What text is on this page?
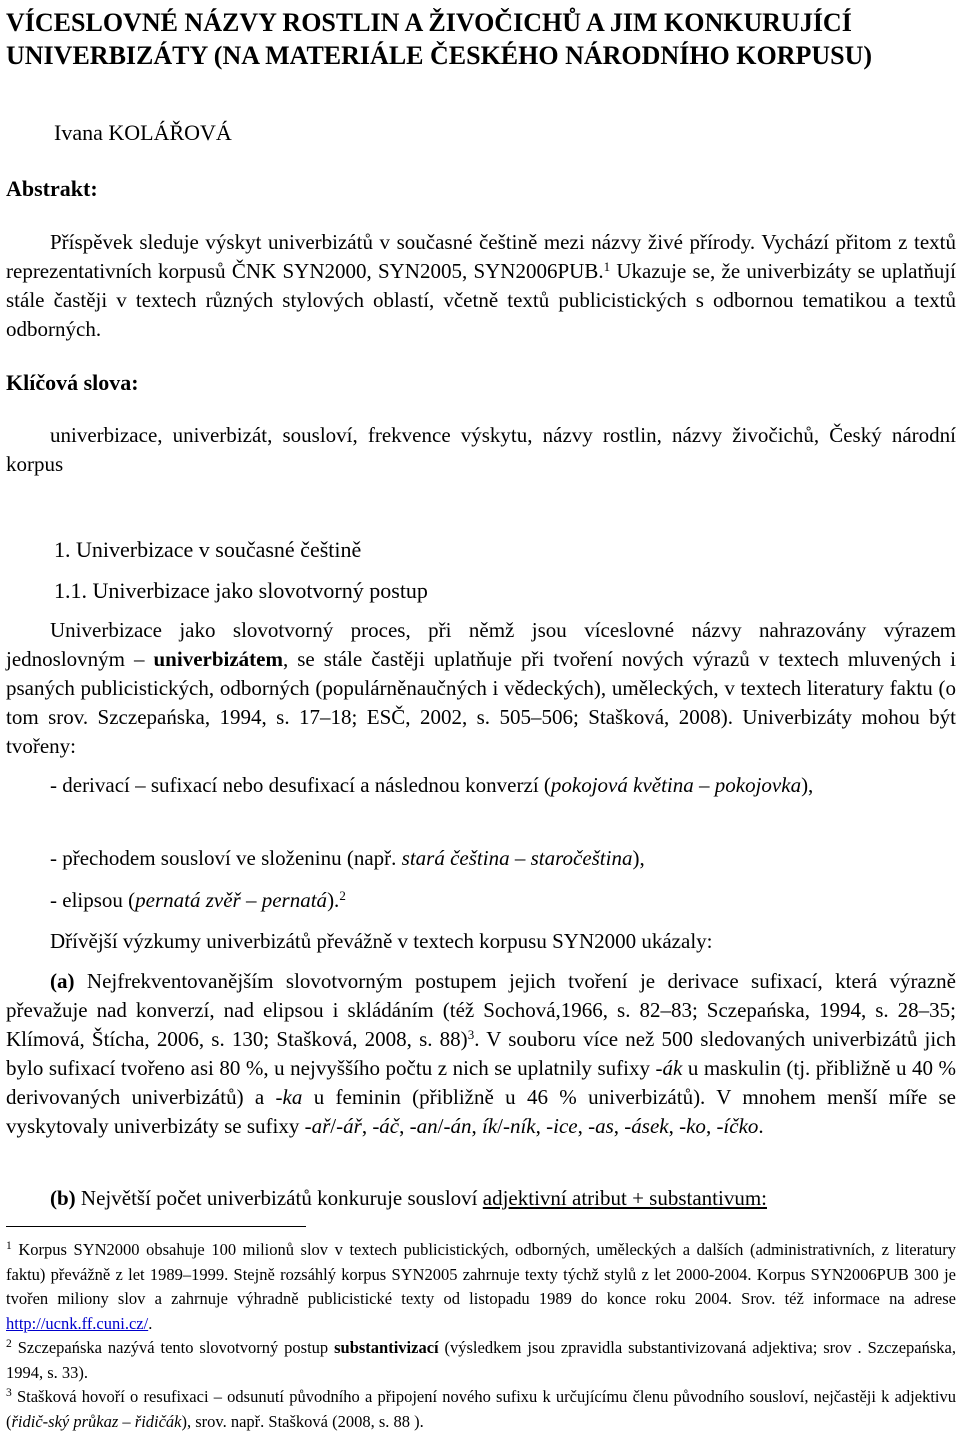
VÍCESLOVNÉ NÁZVY ROSTLIN A ŽIVOČICHŮ A JIM KONKURUJÍCÍ UNIVERBIZÁTY (NA MATERIÁLE ČESKÉHO NÁRODNÍHO KORPUSU)
Ivana KOLÁŘOVÁ
Abstrakt:

Příspěvek sleduje výskyt univerbizátů v současné češtině mezi názvy živé přírody. Vychází přitom z textů reprezentativních korpusů ČNK SYN2000, SYN2005, SYN2006PUB.$^1$ Ukazuje se, že univerbizáty se uplatňují stále častěji v textech různých stylových oblastí, včetně textů publicistických s odbornou tematikou a textů odborných.

Klíčová slova:

univerbizace, univerbizát, sousloví, frekvence výskytu, názvy rostlin, názvy živočichů, Český národní korpus

1. Univerbizace v současné češtině
1.1. Univerbizace jako slovotvorný postup

Univerbizace jako slovotvorný proces, při němž jsou víceslovné názvy nahrazovány výrazem jednoslovným – univerbizátem, se stále častěji uplatňuje při tvoření nových výrazů v textech mluvených i psaných publicistických, odborných (populárněnaučných i vědeckých), uměleckých, v textech literatury faktu (o tom srov. Szczepańska, 1994, s. 17–18; ESČ, 2002, s. 505–506; Stašková, 2008). Univerbizáty mohou být tvořeny:

- derivací – sufixací nebo desufixací a následnou konverzí (pokojová květina – pokojovka),

- přechodem sousloví ve složeninu (např. stará čeština – staročeština),

- elipsou (pernatá zvěř – pernatá).$^2$

Dřívější výzkumy univerbizátů převážně v textech korpusu SYN2000 ukázaly:

(a) Nejfrekventovanějším slovotvorným postupem jejich tvoření je derivace sufixací, která výrazně převažuje nad konverzí, nad elipsou i skládáním (též Sochová,1966, s. 82–83; Sczepańska, 1994, s. 28–35; Klímová, Štícha, 2006, s. 130; Stašková, 2008, s. 88)$^3$. V souboru více než 500 sledovaných univerbizátů jich bylo sufixací tvořeno asi 80 %, u nejvyššího počtu z nich se uplatnily sufixy -ák u maskulin (tj. přibližně u 40 % derivovaných univerbizátů) a -ka u feminin (přibližně u 46 % univerbizátů). V mnohem menší míře se vyskytovaly univerbizáty se sufixy -ař/-ář, -áč, -an/-án, ík/-ník, -ice, -as, -ásek, -ko, -íčko.

(b) Největší počet univerbizátů konkuruje sousloví adjektivní atribut + substantivum:

$^1$ Korpus SYN2000 obsahuje 100 milionů slov v textech publicistických, odborných, uměleckých a dalších (administrativních, z literatury faktu) převážně z let 1989–1999. Stejně rozsáhlý korpus SYN2005 zahrnuje texty týchž stylů z let 2000-2004. Korpus SYN2006PUB 300 je tvořen miliony slov a zahrnuje výhradně publicistické texty od listopadu 1989 do konce roku 2004. Srov. též informace na adrese http://ucnk.ff.cuni.cz/.

$^2$ Szczepańska nazývá tento slovotvorný postup substantivizací (výsledkem jsou zpravidla substantivizovaná adjektiva; srov . Szczepańska, 1994, s. 33).

$^3$ Stašková hovoří o resufixaci – odsunutí původního a připojení nového sufixu k určujícímu členu původního sousloví, nejčastěji k adjektivu (řidič-ský průkaz – řidičák), srov. např. Stašková (2008, s. 88 ).
